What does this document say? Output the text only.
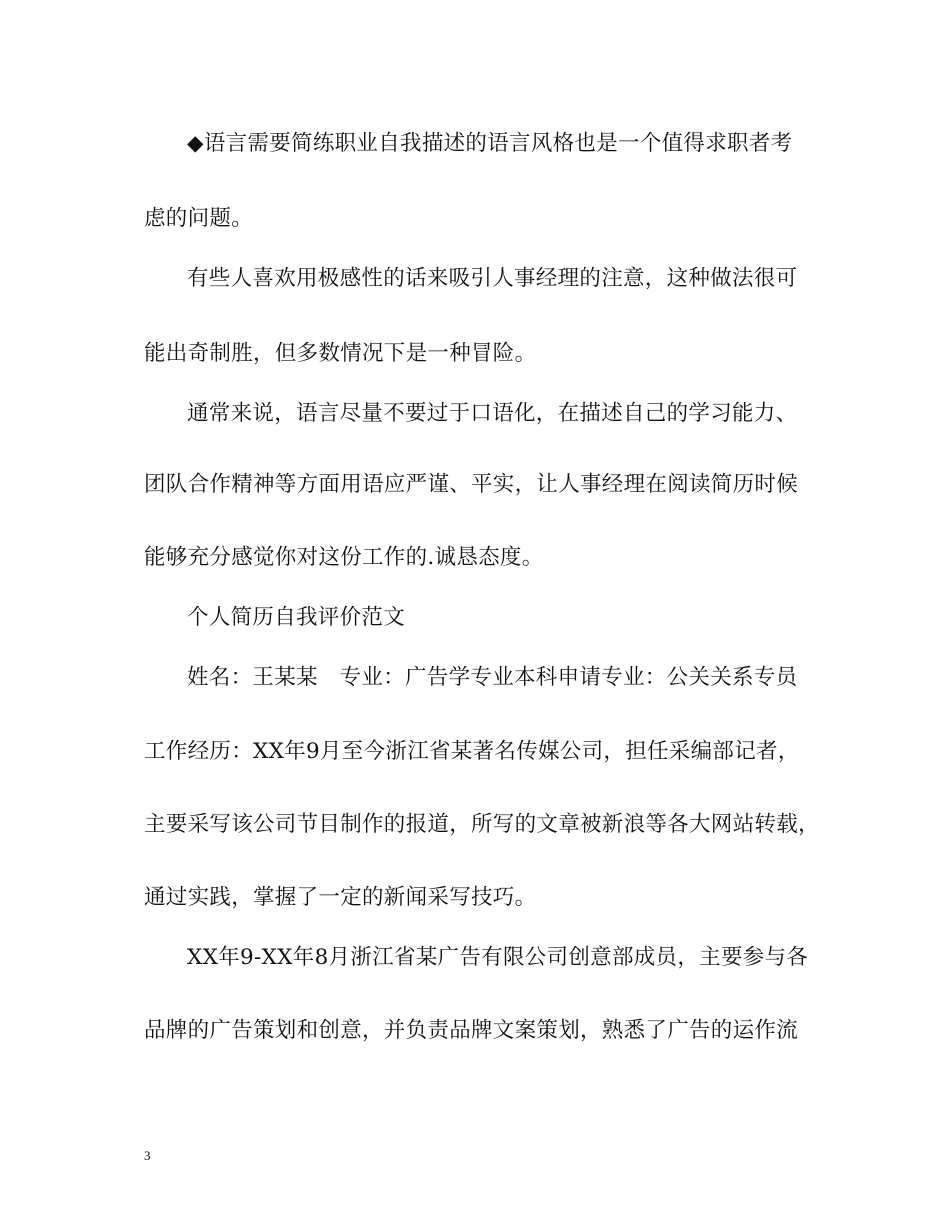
◆语言需要简练职业自我描述的语言风格也是一个值得求职者考
虑的问题。
有些人喜欢用极感性的话来吸引人事经理的注意，这种做法很可
能出奇制胜，但多数情况下是一种冒险。
通常来说，语言尽量不要过于口语化，在描述自己的学习能力、
团队合作精神等方面用语应严谨、平实，让人事经理在阅读简历时候
能够充分感觉你对这份工作的.诚恳态度。
个人简历自我评价范文
姓名：王某某　专业：广告学专业本科申请专业：公关关系专员
工作经历：XX年9月至今浙江省某著名传媒公司，担任采编部记者，
主要采写该公司节目制作的报道，所写的文章被新浪等各大网站转载，
通过实践，掌握了一定的新闻采写技巧。
XX年9-XX年8月浙江省某广告有限公司创意部成员，主要参与各
品牌的广告策划和创意，并负责品牌文案策划，熟悉了广告的运作流
3
